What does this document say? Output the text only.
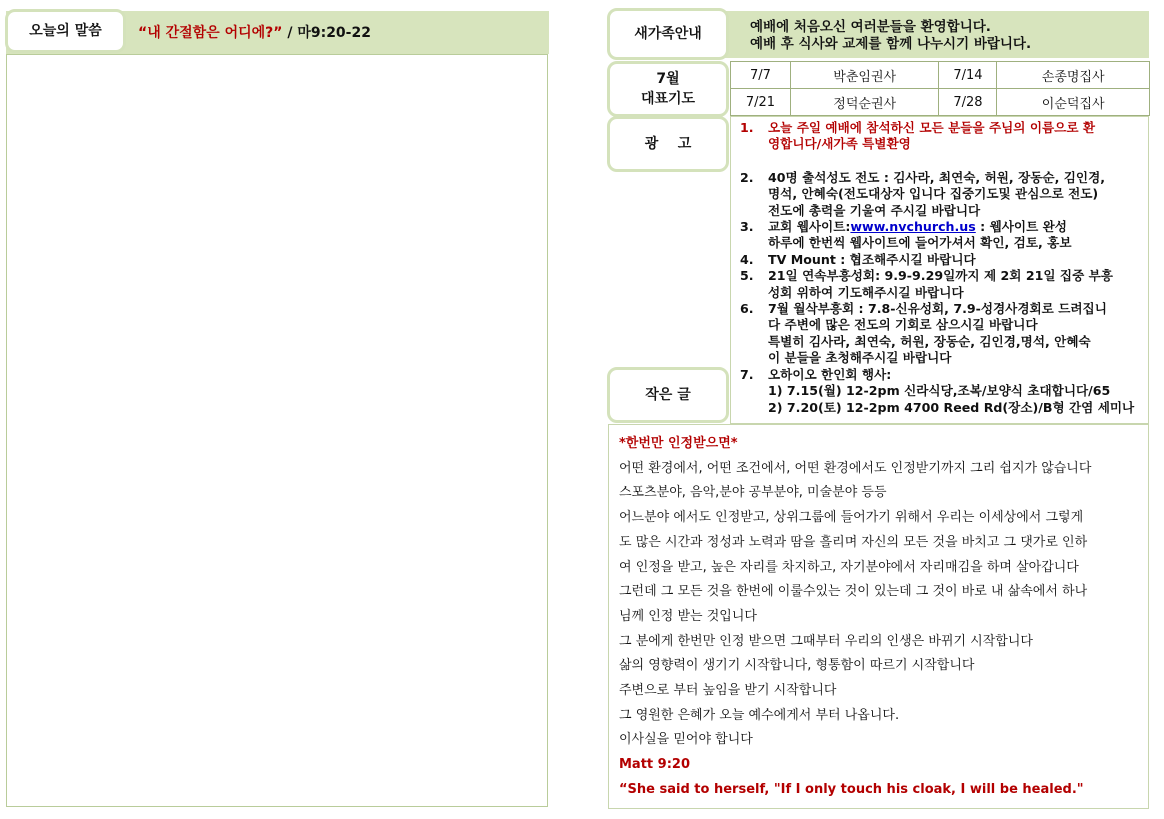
“내 간절함은 어디에?” / 마9:20-22
오늘의 말씀	예배에 처음오신 여러분들을 환영합니다.
예배 후 식사와 교제를 함께 나누시기 바랍니다.
새가족안내
7/7	박춘임권사	7/14	손종명집사
7/21	정덕순권사	7/28	이순덕집사
7월
대표기도
1.	오늘 주일 예배에 참석하신 모든 분들을 주님의 이름으로 환
영합니다/새가족 특별환영
2.	40명 출석성도 전도 : 김사라, 최연숙, 허원, 장동순, 김인경,
명석, 안혜숙(전도대상자 입니다 집중기도및 관심으로 전도)
전도에 총력을 기울여 주시길 바랍니다
3.	교회 웹사이트:www.nvchurch.us : 웹사이트 완성
하루에 한번씩 웹사이트에 들어가셔서 확인, 검토, 홍보
4.	TV Mount : 협조해주시길 바랍니다
5.	21일 연속부흥성회: 9.9-9.29일까지 제 2회 21일 집중 부흥
성회 위하여 기도해주시길 바랍니다
6.	7월 월삭부흥회 : 7.8-신유성회, 7.9-성경사경회로 드려집니
다 주변에 많은 전도의 기회로 삼으시길 바랍니다
특별히 김사라, 최연숙, 허원, 장동순, 김인경,명석, 안혜숙
이 분들을 초청해주시길 바랍니다
7.	오하이오 한인회 행사:
1) 7.15(월) 12-2pm 신라식당,조복/보양식 초대합니다/65
2) 7.20(토) 12-2pm 4700 Reed Rd(장소)/B형 간염 세미나
광    고
작은 글
*한번만 인정받으면*
어떤 환경에서, 어떤 조건에서, 어떤 환경에서도 인정받기까지 그리 쉽지가 않습니다
스포츠분야, 음악,분야 공부분야, 미술분야 등등
어느분야 에서도 인정받고, 상위그룹에 들어가기 위해서 우리는 이세상에서 그렇게
도 많은 시간과 정성과 노력과 땀을 흘리며 자신의 모든 것을 바치고 그 댓가로 인하
여 인정을 받고, 높은 자리를 차지하고, 자기분야에서 자리매김을 하며 살아갑니다
그런데 그 모든 것을 한번에 이룰수있는 것이 있는데 그 것이 바로 내 삶속에서 하나
님께 인정 받는 것입니다
그 분에게 한번만 인정 받으면 그때부터 우리의 인생은 바뀌기 시작합니다
삶의 영향력이 생기기 시작합니다, 형통함이 따르기 시작합니다
주변으로 부터 높임을 받기 시작합니다
그 영원한 은혜가 오늘 예수에게서 부터 나옵니다.
이사실을 믿어야 합니다
Matt 9:20
“She said to herself, "If I only touch his cloak, I will be healed."
